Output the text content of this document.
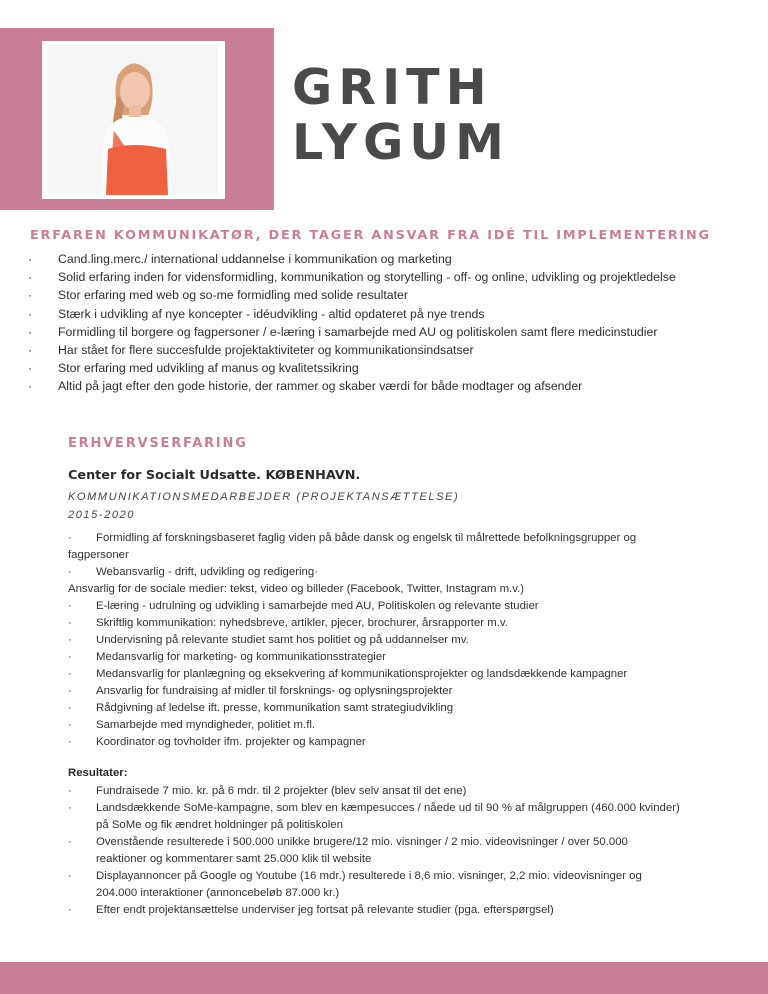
GRITH
LYGUM
ERFAREN KOMMUNIKATØR, DER TAGER ANSVAR FRA IDÉ TIL IMPLEMENTERING
· Cand.ling.merc./ international uddannelse i kommunikation og marketing
· Solid erfaring inden for vidensformidling, kommunikation og storytelling - off- og online, udvikling og projektledelse
· Stor erfaring med web og so-me formidling med solide resultater
· Stærk i udvikling af nye koncepter - idéudvikling - altid opdateret på nye trends
· Formidling til borgere og fagpersoner / e-læring i samarbejde med AU og politiskolen samt flere medicinstudier
· Har stået for flere succesfulde projektaktiviteter og kommunikationsindsatser
· Stor erfaring med udvikling af manus og kvalitetssikring
· Altid på jagt efter den gode historie, der rammer og skaber værdi for både modtager og afsender
ERHVERVSERFARING
Center for Socialt Udsatte. KØBENHAVN.
KOMMUNIKATIONSMEDARBEJDER (PROJEKTANSÆTTELSE)
2015-2020
· Formidling af forskningsbaseret faglig viden på både dansk og engelsk til målrettede befolkningsgrupper og
fagpersoner
· Webansvarlig - drift, udvikling og redigering·
Ansvarlig for de sociale medier: tekst, video og billeder (Facebook, Twitter, Instagram m.v.)
· E-læring - udrulning og udvikling i samarbejde med AU, Politiskolen og relevante studier
· Skriftlig kommunikation: nyhedsbreve, artikler, pjecer, brochurer, årsrapporter m.v.
· Undervisning på relevante studiet samt hos politiet og på uddannelser mv.
· Medansvarlig for marketing- og kommunikationsstrategier
· Medansvarlig for planlægning og eksekvering af kommunikationsprojekter og landsdækkende kampagner
· Ansvarlig for fundraising af midler til forsknings- og oplysningsprojekter
· Rådgivning af ledelse ift. presse, kommunikation samt strategiudvikling
· Samarbejde med myndigheder, politiet m.fl.
· Koordinator og tovholder ifm. projekter og kampagner
Resultater:
· Fundraisede 7 mio. kr. på 6 mdr. til 2 projekter (blev selv ansat til det ene)
· Landsdækkende SoMe-kampagne, som blev en kæmpesucces / nåede ud til 90 % af målgruppen (460.000 kvinder)
på SoMe og fik ændret holdninger på politiskolen
· Ovenstående resulterede i 500.000 unikke brugere/12 mio. visninger / 2 mio. videovisninger / over 50.000
reaktioner og kommentarer samt 25.000 klik til website
· Displayannoncer på Google og Youtube (16 mdr.) resulterede i 8,6 mio. visninger, 2,2 mio. videovisninger og
204.000 interaktioner (annoncebeløb 87.000 kr.)
· Efter endt projektansættelse underviser jeg fortsat på relevante studier (pga. efterspørgsel)
